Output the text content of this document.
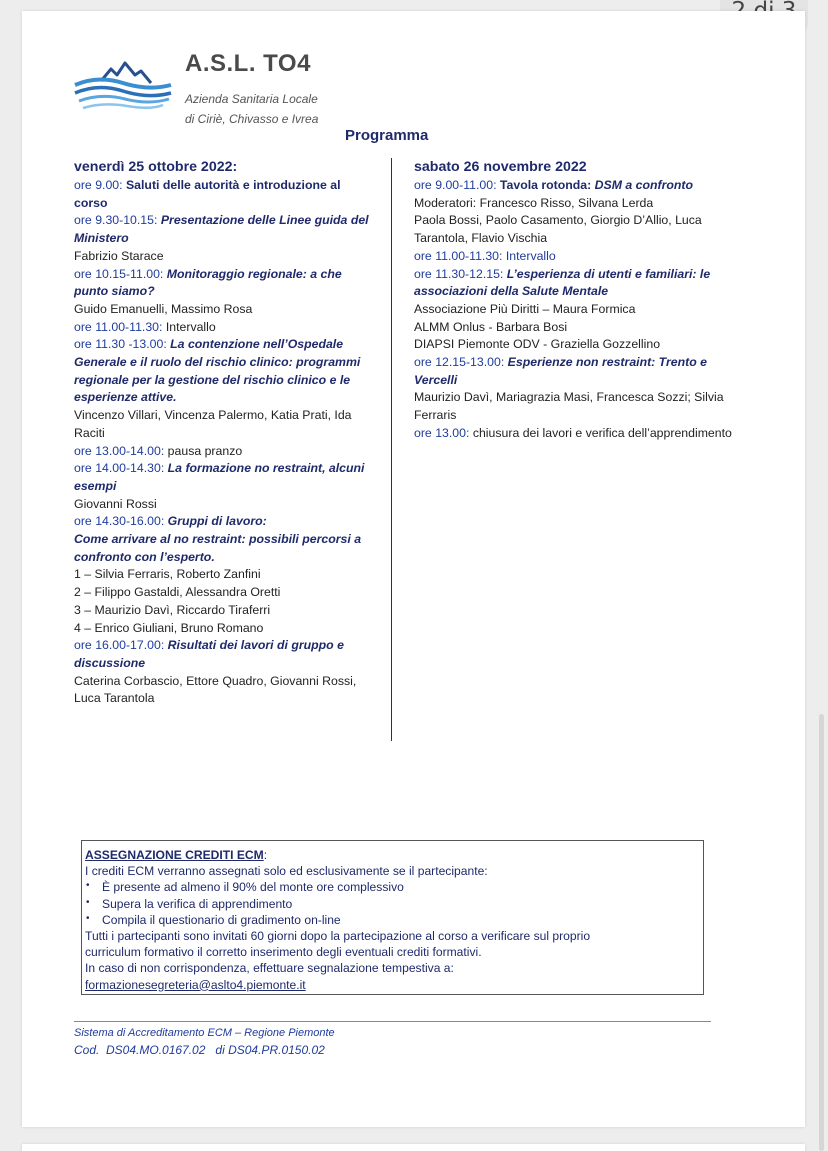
A.S.L. TO4
Azienda Sanitaria Locale
di Ciriè, Chivasso e Ivrea
Programma
venerdì 25 ottobre 2022:
ore 9.00: Saluti delle autorità e introduzione al corso
ore 9.30-10.15: Presentazione delle Linee guida del Ministero
Fabrizio Starace
ore 10.15-11.00: Monitoraggio regionale: a che punto siamo?
Guido Emanuelli, Massimo Rosa
ore 11.00-11.30: Intervallo
ore 11.30 -13.00: La contenzione nell’Ospedale Generale e il ruolo del rischio clinico: programmi regionale per la gestione del rischio clinico e le esperienze attive.
Vincenzo Villari, Vincenza Palermo, Katia Prati, Ida Raciti
ore 13.00-14.00: pausa pranzo
ore 14.00-14.30: La formazione no restraint, alcuni esempi
Giovanni Rossi
ore 14.30-16.00: Gruppi di lavoro:
Come arrivare al no restraint: possibili percorsi a confronto con l’esperto.
1 – Silvia Ferraris, Roberto Zanfini
2 – Filippo Gastaldi, Alessandra Oretti
3 – Maurizio Davì, Riccardo Tiraferri
4 – Enrico Giuliani, Bruno Romano
ore 16.00-17.00: Risultati dei lavori di gruppo e discussione
Caterina Corbascio, Ettore Quadro, Giovanni Rossi, Luca Tarantola
sabato 26 novembre 2022
ore 9.00-11.00: Tavola rotonda: DSM a confronto
Moderatori: Francesco Risso, Silvana Lerda
Paola Bossi, Paolo Casamento, Giorgio D’Allio, Luca Tarantola, Flavio Vischia
ore 11.00-11.30: Intervallo
ore 11.30-12.15: L’esperienza di utenti e familiari: le associazioni della Salute Mentale
Associazione Più Diritti – Maura Formica
ALMM Onlus - Barbara Bosi
DIAPSI Piemonte ODV - Graziella Gozzellino
ore 12.15-13.00: Esperienze non restraint: Trento e Vercelli
Maurizio Davì, Mariagrazia Masi, Francesca Sozzi; Silvia Ferraris
ore 13.00: chiusura dei lavori e verifica dell’apprendimento
ASSEGNAZIONE CREDITI ECM:
I crediti ECM verranno assegnati solo ed esclusivamente se il partecipante:
• È presente ad almeno il 90% del monte ore complessivo
• Supera la verifica di apprendimento
• Compila il questionario di gradimento on-line
Tutti i partecipanti sono invitati 60 giorni dopo la partecipazione al corso a verificare sul proprio
curriculum formativo il corretto inserimento degli eventuali crediti formativi.
In caso di non corrispondenza, effettuare segnalazione tempestiva a:
formazionesegreteria@aslto4.piemonte.it
Sistema di Accreditamento ECM – Regione Piemonte
Cod.  DS04.MO.0167.02   di DS04.PR.0150.02
